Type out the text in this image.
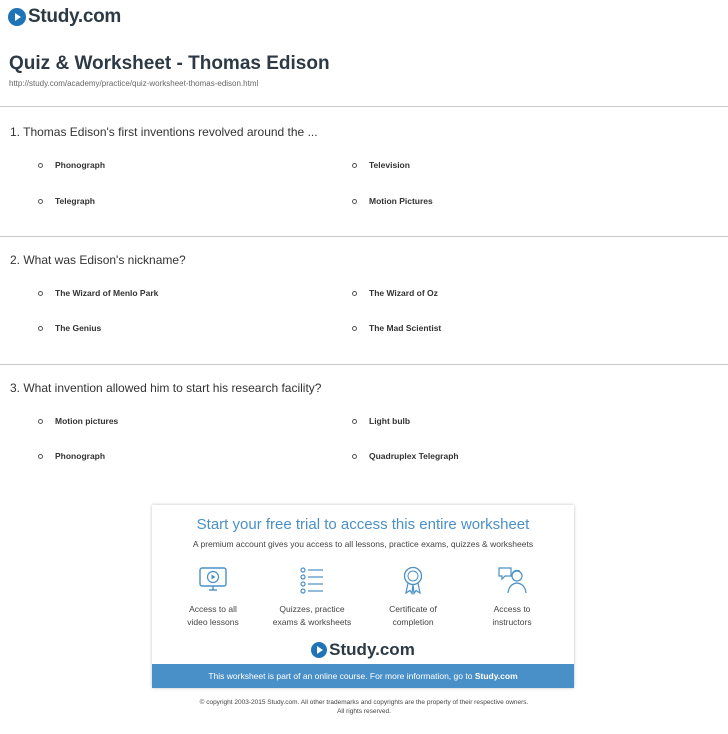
Study.com
Quiz & Worksheet - Thomas Edison
http://study.com/academy/practice/quiz-worksheet-thomas-edison.html
1. Thomas Edison's first inventions revolved around the ...
Phonograph	Television
Telegraph	Motion Pictures
2. What was Edison's nickname?
The Wizard of Menlo Park	The Wizard of Oz
The Genius	The Mad Scientist
3. What invention allowed him to start his research facility?
Motion pictures	Light bulb
Phonograph	Quadruplex Telegraph
Start your free trial to access this entire worksheet
A premium account gives you access to all lessons, practice exams, quizzes & worksheets
Access to all
video lessons
Quizzes, practice
exams & worksheets
Certificate of
completion
Access to
instructors
Study.com
This worksheet is part of an online course. For more information, go to Study.com
© copyright 2003-2015 Study.com. All other trademarks and copyrights are the property of their respective owners.
All rights reserved.
